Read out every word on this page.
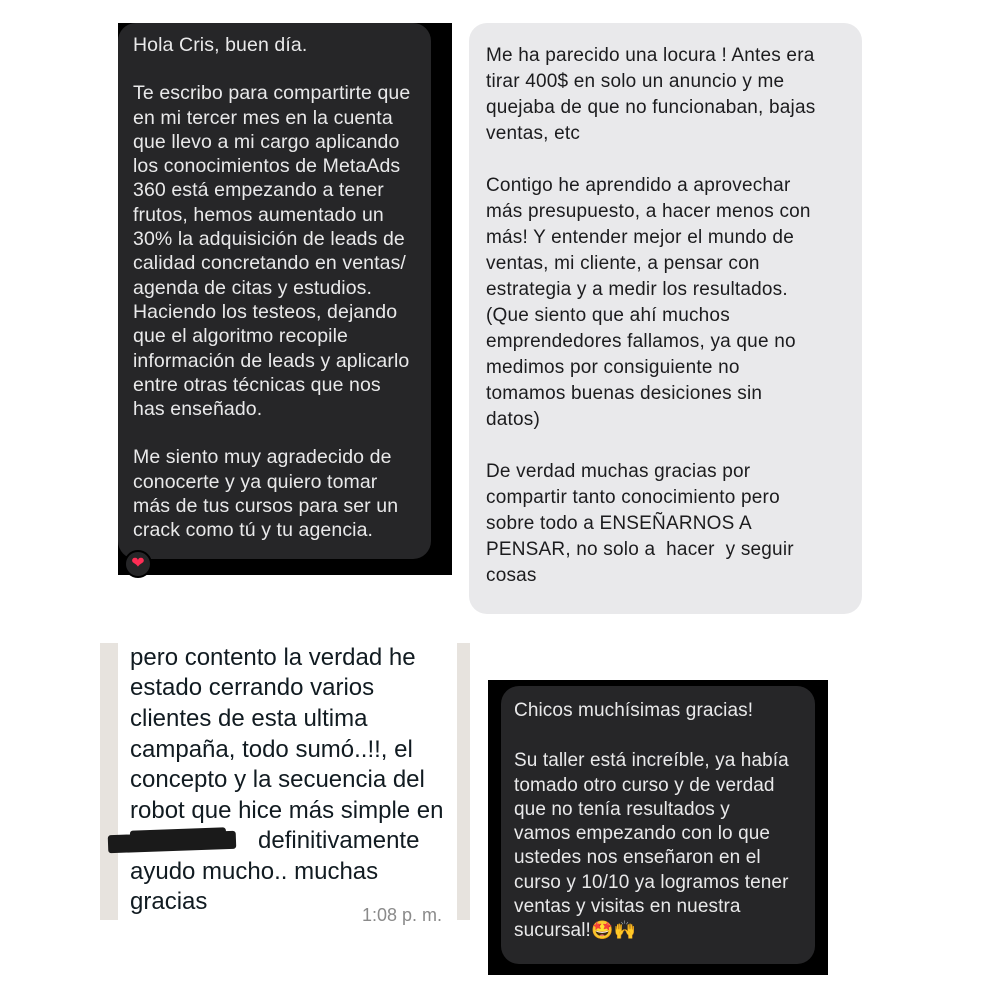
Hola Cris, buen día.

Te escribo para compartirte que
en mi tercer mes en la cuenta
que llevo a mi cargo aplicando
los conocimientos de MetaAds
360 está empezando a tener
frutos, hemos aumentado un
30% la adquisición de leads de
calidad concretando en ventas/
agenda de citas y estudios.
Haciendo los testeos, dejando
que el algoritmo recopile
información de leads y aplicarlo
entre otras técnicas que nos
has enseñado.

Me siento muy agradecido de
conocerte y ya quiero tomar
más de tus cursos para ser un
crack como tú y tu agencia.

❤

Me ha parecido una locura ! Antes era
tirar 400$ en solo un anuncio y me
quejaba de que no funcionaban, bajas
ventas, etc

Contigo he aprendido a aprovechar
más presupuesto, a hacer menos con
más! Y entender mejor el mundo de
ventas, mi cliente, a pensar con
estrategia y a medir los resultados.
(Que siento que ahí muchos
emprendedores fallamos, ya que no
medimos por consiguiente no
tomamos buenas desiciones sin
datos)

De verdad muchas gracias por
compartir tanto conocimiento pero
sobre todo a ENSEÑARNOS A
PENSAR, no solo a  hacer  y seguir
cosas

pero contento la verdad he
estado cerrando varios
clientes de esta ultima
campaña, todo sumó..!!, el
concepto y la secuencia del
robot que hice más simple en
definitivamente
ayudo mucho.. muchas
gracias	1:08 p. m.

Chicos muchísimas gracias!

Su taller está increíble, ya había
tomado otro curso y de verdad
que no tenía resultados y
vamos empezando con lo que
ustedes nos enseñaron en el
curso y 10/10 ya logramos tener
ventas y visitas en nuestra
sucursal!🤩🙌
